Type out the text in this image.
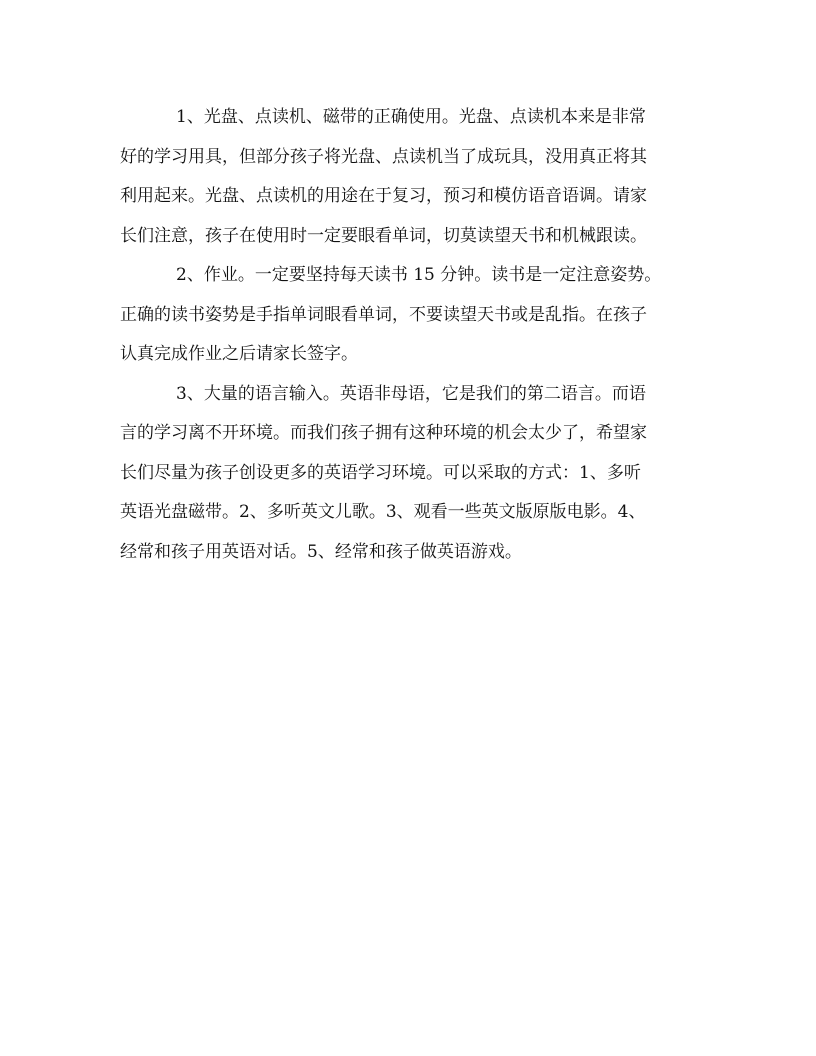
1、光盘、点读机、磁带的正确使用。光盘、点读机本来是非常
好的学习用具，但部分孩子将光盘、点读机当了成玩具，没用真正将其
利用起来。光盘、点读机的用途在于复习，预习和模仿语音语调。请家
长们注意，孩子在使用时一定要眼看单词，切莫读望天书和机械跟读。
2、作业。一定要坚持每天读书 15 分钟。读书是一定注意姿势。
正确的读书姿势是手指单词眼看单词，不要读望天书或是乱指。在孩子
认真完成作业之后请家长签字。
3、大量的语言输入。英语非母语，它是我们的第二语言。而语
言的学习离不开环境。而我们孩子拥有这种环境的机会太少了，希望家
长们尽量为孩子创设更多的英语学习环境。可以采取的方式：1、多听
英语光盘磁带。2、多听英文儿歌。3、观看一些英文版原版电影。4、
经常和孩子用英语对话。5、经常和孩子做英语游戏。
